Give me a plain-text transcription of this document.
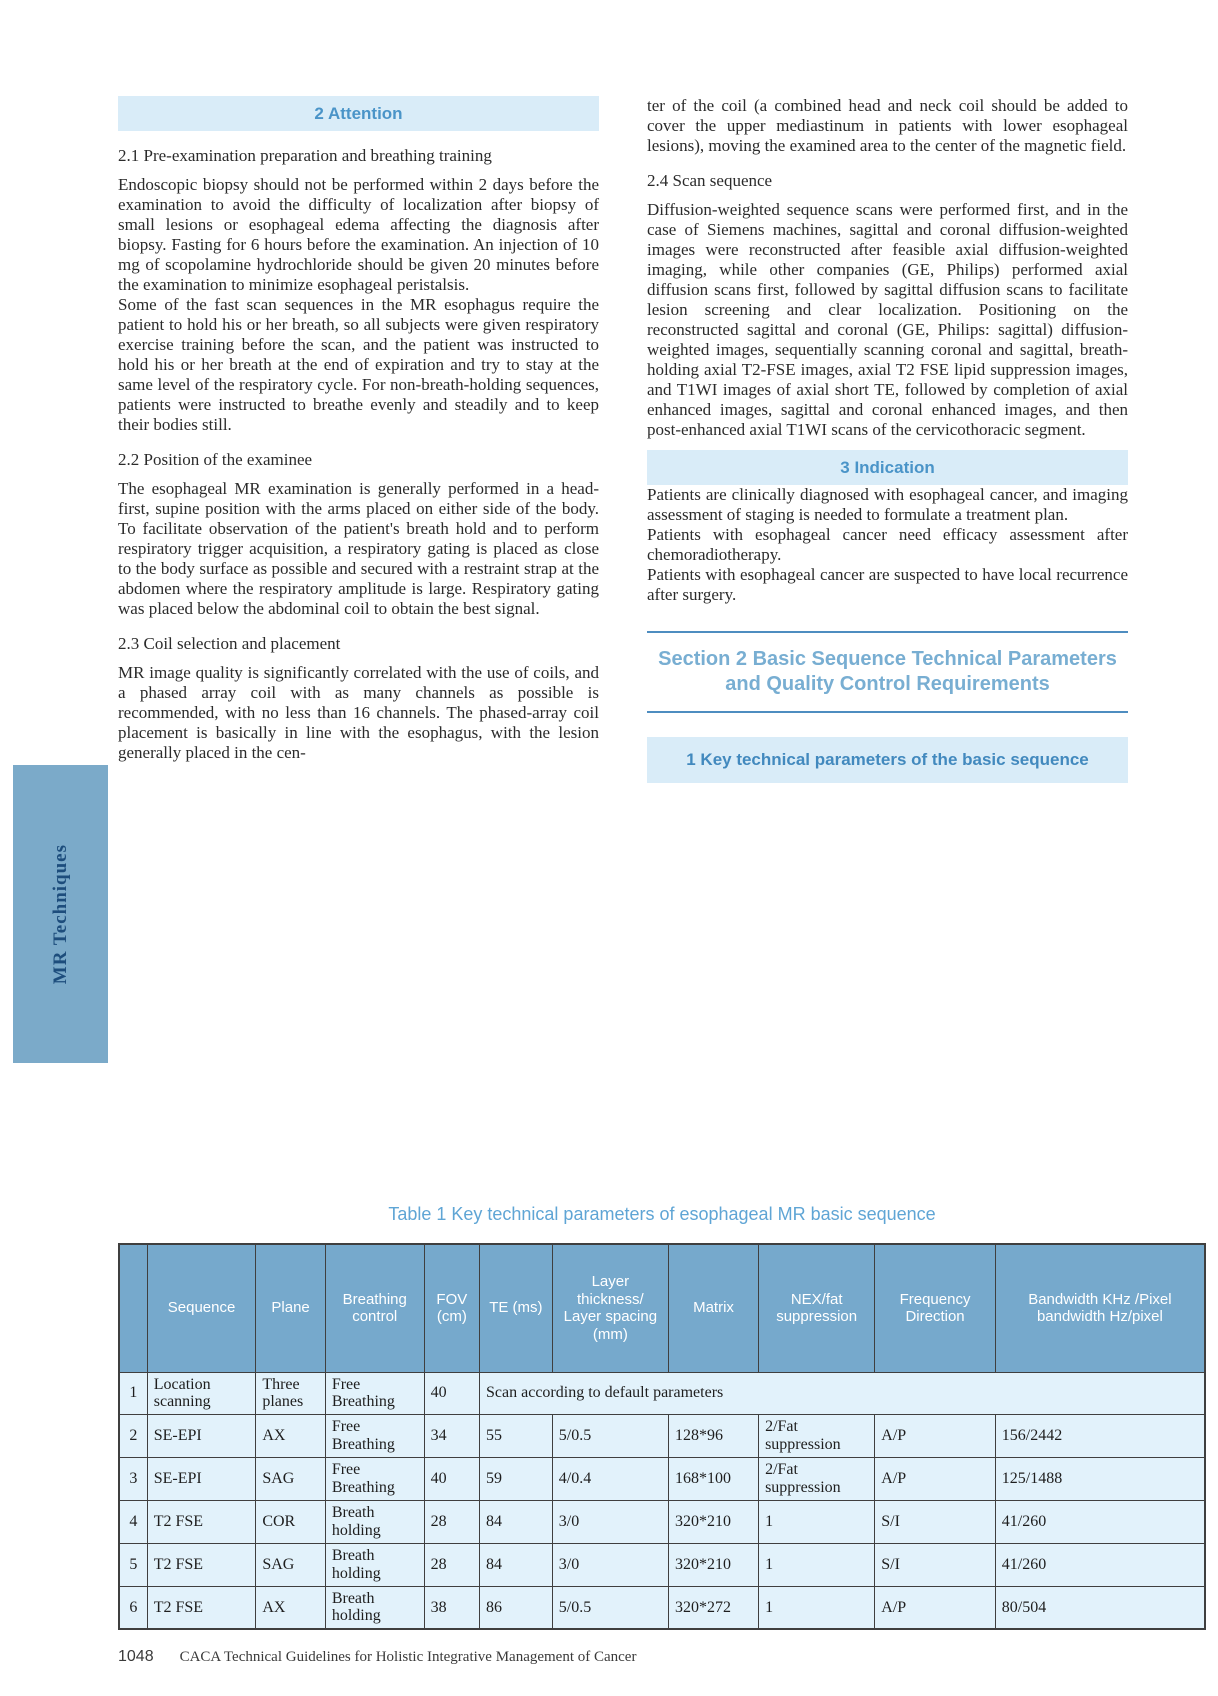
MR Techniques
2 Attention

2.1 Pre-examination preparation and breathing training

Endoscopic biopsy should not be performed within 2 days before the examination to avoid the difficulty of localization after biopsy of small lesions or esophageal edema affecting the diagnosis after biopsy. Fasting for 6 hours before the examination. An injection of 10 mg of scopolamine hydrochloride should be given 20 minutes before the examination to minimize esophageal peristalsis.

Some of the fast scan sequences in the MR esophagus require the patient to hold his or her breath, so all subjects were given respiratory exercise training before the scan, and the patient was instructed to hold his or her breath at the end of expiration and try to stay at the same level of the respiratory cycle. For non-breath-holding sequences, patients were instructed to breathe evenly and steadily and to keep their bodies still.

2.2 Position of the examinee

The esophageal MR examination is generally performed in a head-first, supine position with the arms placed on either side of the body. To facilitate observation of the patient's breath hold and to perform respiratory trigger acquisition, a respiratory gating is placed as close to the body surface as possible and secured with a restraint strap at the abdomen where the respiratory amplitude is large. Respiratory gating was placed below the abdominal coil to obtain the best signal.

2.3 Coil selection and placement

MR image quality is significantly correlated with the use of coils, and a phased array coil with as many channels as possible is recommended, with no less than 16 channels. The phased-array coil placement is basically in line with the esophagus, with the lesion generally placed in the cen-

ter of the coil (a combined head and neck coil should be added to cover the upper mediastinum in patients with lower esophageal lesions), moving the examined area to the center of the magnetic field.

2.4 Scan sequence

Diffusion-weighted sequence scans were performed first, and in the case of Siemens machines, sagittal and coronal diffusion-weighted images were reconstructed after feasible axial diffusion-weighted imaging, while other companies (GE, Philips) performed axial diffusion scans first, followed by sagittal diffusion scans to facilitate lesion screening and clear localization. Positioning on the reconstructed sagittal and coronal (GE, Philips: sagittal) diffusion-weighted images, sequentially scanning coronal and sagittal, breath-holding axial T2-FSE images, axial T2 FSE lipid suppression images, and T1WI images of axial short TE, followed by completion of axial enhanced images, sagittal and coronal enhanced images, and then post-enhanced axial T1WI scans of the cervicothoracic segment.

3 Indication

Patients are clinically diagnosed with esophageal cancer, and imaging assessment of staging is needed to formulate a treatment plan.

Patients with esophageal cancer need efficacy assessment after chemoradiotherapy.

Patients with esophageal cancer are suspected to have local recurrence after surgery.

Section 2 Basic Sequence Technical Parameters and Quality Control Requirements
1 Key technical parameters of the basic sequence
Table 1 Key technical parameters of esophageal MR basic sequence
	Sequence	Plane	Breathing control	FOV (cm)	TE (ms)	Layer thickness/ Layer spacing (mm)	Matrix	NEX/fat suppression	Frequency Direction	Bandwidth KHz /Pixel bandwidth Hz/pixel
1	Location scanning	Three planes	Free Breathing	40	Scan according to default parameters					
2	SE-EPI	AX	Free Breathing	34	55	5/0.5	128*96	2/Fat suppression	A/P	156/2442
3	SE-EPI	SAG	Free Breathing	40	59	4/0.4	168*100	2/Fat suppression	A/P	125/1488
4	T2 FSE	COR	Breath holding	28	84	3/0	320*210	1	S/I	41/260
5	T2 FSE	SAG	Breath holding	28	84	3/0	320*210	1	S/I	41/260
6	T2 FSE	AX	Breath holding	38	86	5/0.5	320*272	1	A/P	80/504
1048 CACA Technical Guidelines for Holistic Integrative Management of Cancer
